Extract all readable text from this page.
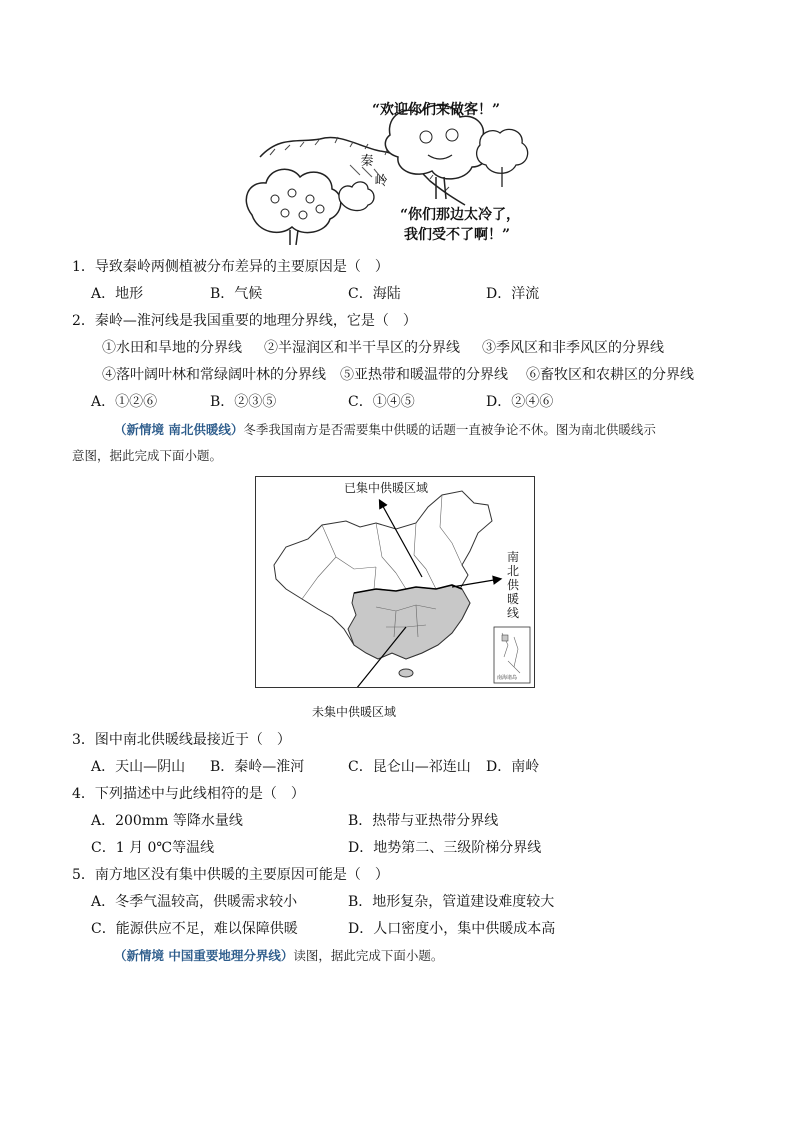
“欢迎你们来做客！”
秦
岭
“你们那边太冷了，
我们受不了啊！”
1．导致秦岭两侧植被分布差异的主要原因是（　）
A．地形	B．气候	C．海陆	D．洋流
2．秦岭—淮河线是我国重要的地理分界线，它是（　）
①水田和旱地的分界线 ②半湿润区和半干旱区的分界线 ③季风区和非季风区的分界线
④落叶阔叶林和常绿阔叶林的分界线 ⑤亚热带和暖温带的分界线 ⑥畜牧区和农耕区的分界线
A．①②⑥	B．②③⑤	C．①④⑤	D．②④⑥
（新情境 南北供暖线）冬季我国南方是否需要集中供暖的话题一直被争论不休。图为南北供暖线示
意图，据此完成下面小题。
已集中供暖区域
南北供暖线
南海诸岛
未集中供暖区域
3．图中南北供暖线最接近于（　）
A．天山—阴山 B．秦岭—淮河	C．昆仑山—祁连山 D．南岭
4．下列描述中与此线相符的是（　）
A．200mm 等降水量线	B．热带与亚热带分界线
C．1 月 0℃等温线	D．地势第二、三级阶梯分界线
5．南方地区没有集中供暖的主要原因可能是（　）
A．冬季气温较高，供暖需求较小	B．地形复杂，管道建设难度较大
C．能源供应不足，难以保障供暖	D．人口密度小，集中供暖成本高
（新情境 中国重要地理分界线）读图，据此完成下面小题。
